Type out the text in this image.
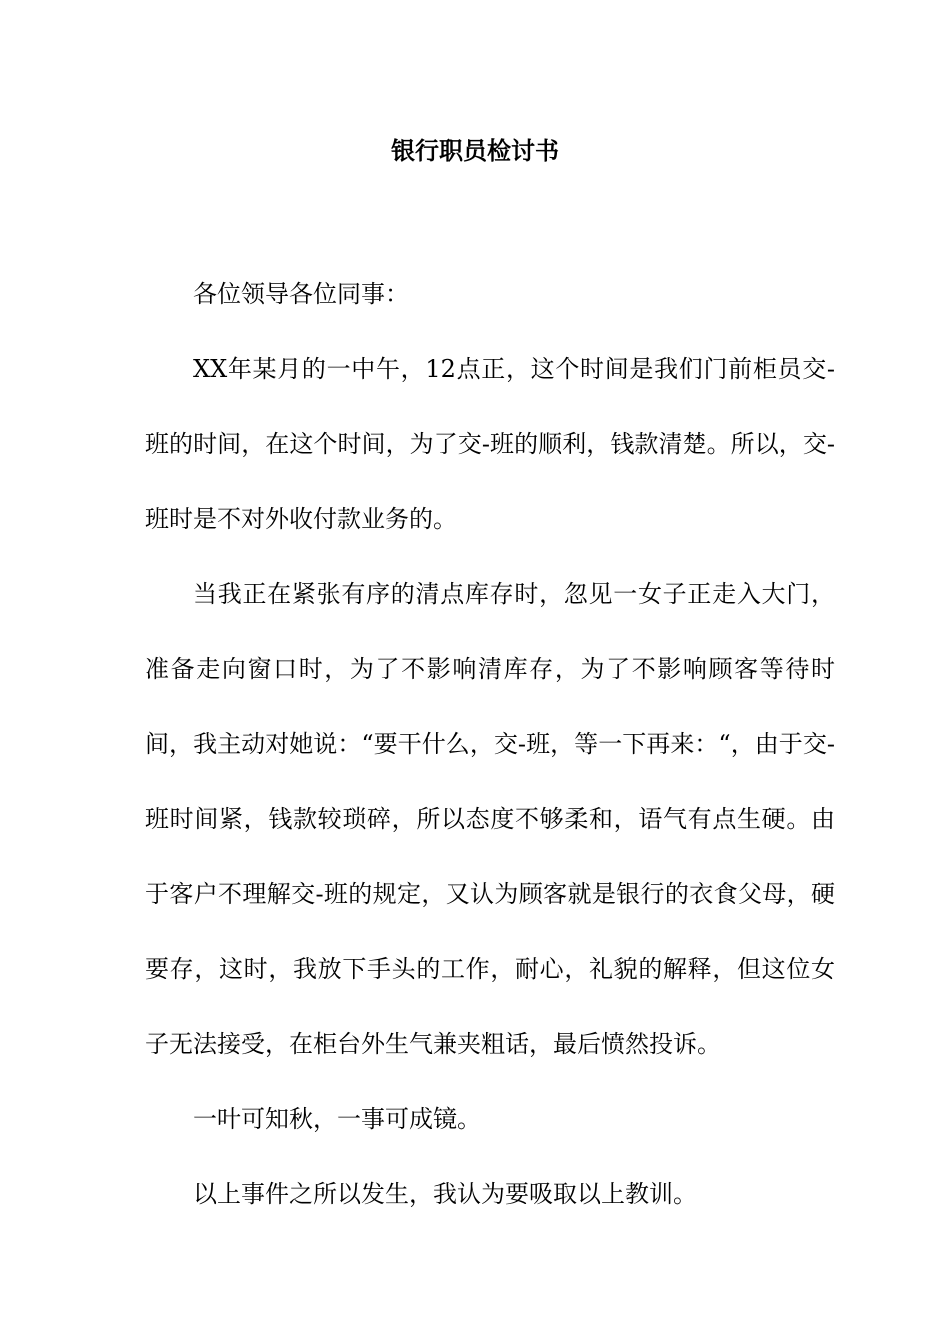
银行职员检讨书

各位领导各位同事：

XX年某月的一中午，12点正，这个时间是我们门前柜员交-班的时间，在这个时间，为了交-班的顺利，钱款清楚。所以，交-班时是不对外收付款业务的。

当我正在紧张有序的清点库存时，忽见一女子正走入大门，准备走向窗口时，为了不影响清库存，为了不影响顾客等待时间，我主动对她说：“要干什么，交-班，等一下再来：“，由于交-班时间紧，钱款较琐碎，所以态度不够柔和，语气有点生硬。由于客户不理解交-班的规定，又认为顾客就是银行的衣食父母，硬要存，这时，我放下手头的工作，耐心，礼貌的解释，但这位女子无法接受，在柜台外生气兼夹粗话，最后愤然投诉。

一叶可知秋，一事可成镜。

以上事件之所以发生，我认为要吸取以上教训。
